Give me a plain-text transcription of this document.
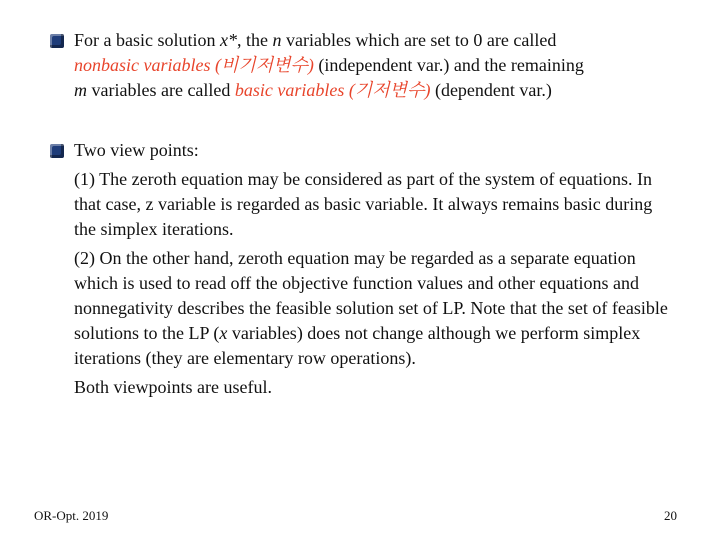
For a basic solution x*, the n variables which are set to 0 are called
nonbasic variables (비기저변수) (independent var.) and the remaining
m variables are called basic variables (기저변수) (dependent var.)

Two view points:

(1) The zeroth equation may be considered as part of the system of equations. In that case, z variable is regarded as basic variable. It always remains basic during the simplex iterations.

(2) On the other hand, zeroth equation may be regarded as a separate equation which is used to read off the objective function values and other equations and nonnegativity describes the feasible solution set of LP. Note that the set of feasible solutions to the LP (x variables) does not change although we perform simplex iterations (they are elementary row operations).

Both viewpoints are useful.

OR-Opt. 2019	20
